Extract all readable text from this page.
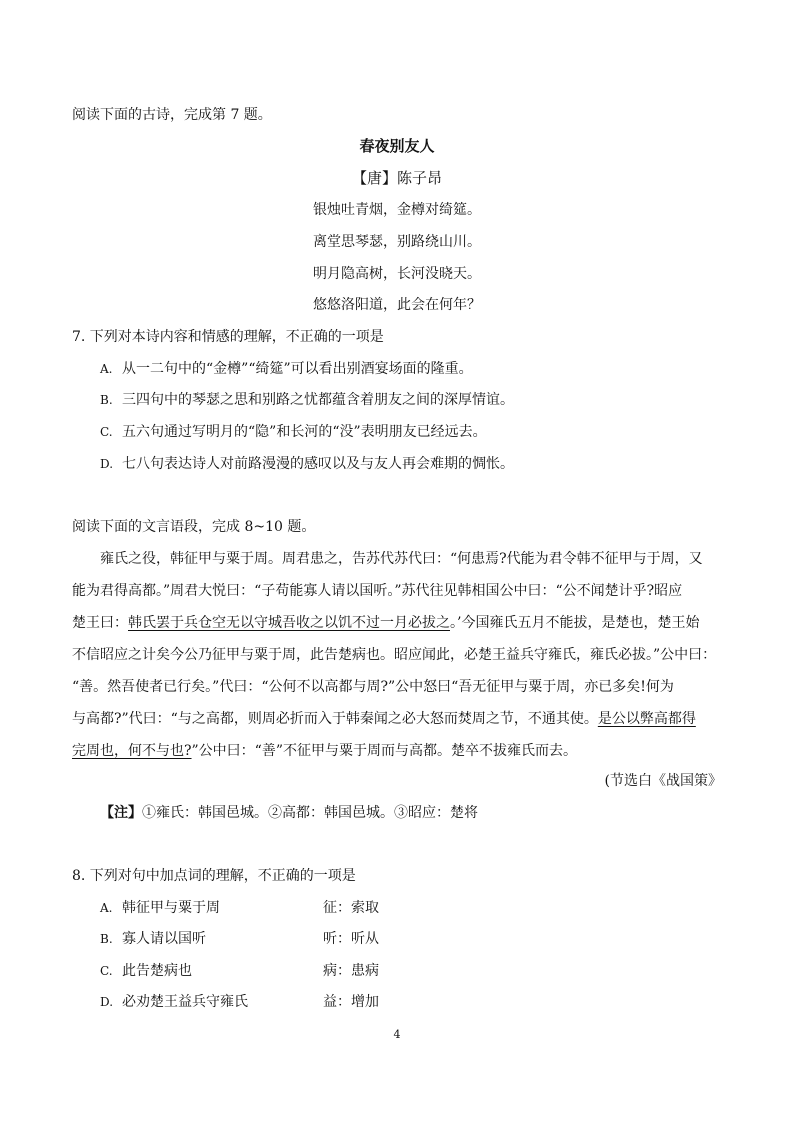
阅读下面的古诗，完成第 7 题。
春夜别友人
【唐】陈子昂
银烛吐青烟，金樽对绮筵。
离堂思琴瑟，别路绕山川。
明月隐高树，长河没晓天。
悠悠洛阳道，此会在何年？
7. 下列对本诗内容和情感的理解，不正确的一项是
A. 从一二句中的“金樽”“绮筵”可以看出别酒宴场面的隆重。
B. 三四句中的琴瑟之思和别路之忧都蕴含着朋友之间的深厚情谊。
C. 五六句通过写明月的“隐”和长河的“没”表明朋友已经远去。
D. 七八句表达诗人对前路漫漫的感叹以及与友人再会难期的惆怅。
阅读下面的文言语段，完成 8~10 题。
雍氏之役，韩征甲与粟于周。周君患之，告苏代苏代曰：“何患焉?代能为君令韩不征甲与于周，又
能为君得高都。”周君大悦曰：“子苟能寡人请以国听。”苏代往见韩相国公中曰：“公不闻楚计乎?昭应
楚王曰：韩氏罢于兵仓空无以守城吾收之以饥不过一月必拔之。’今国雍氏五月不能拔，是楚也，楚王始
不信昭应之计矣今公乃征甲与粟于周，此告楚病也。昭应闻此，必楚王益兵守雍氏，雍氏必拔。”公中曰：
“善。然吾使者已行矣。”代曰：“公何不以高都与周?”公中怒曰“吾无征甲与粟于周，亦已多矣!何为
与高都?”代曰：“与之高都，则周必折而入于韩秦闻之必大怒而焚周之节，不通其使。是公以弊高都得
完周也，何不与也?”公中曰：“善”不征甲与粟于周而与高都。楚卒不拔雍氏而去。
(节选白《战国策》
【注】①雍氏：韩国邑城。②高都：韩国邑城。③昭应：楚将
8. 下列对句中加点词的理解，不正确的一项是
A. 韩征甲与粟于周	征：索取
B. 寡人请以国听	听：听从
C. 此告楚病也	病：患病
D. 必劝楚王益兵守雍氏	益：增加
4
